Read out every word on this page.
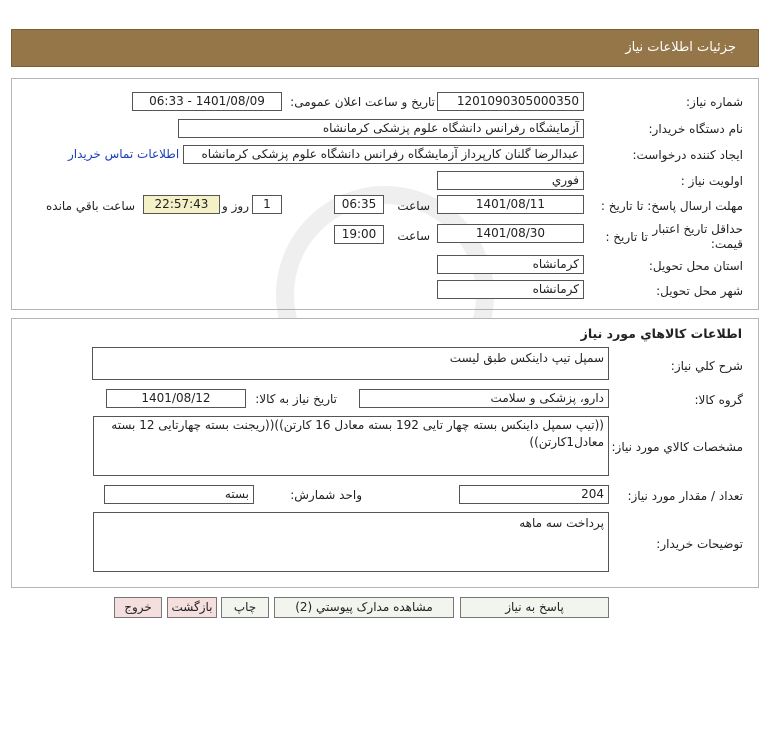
جزئیات اطلاعات نیاز
شماره نیاز:
1201090305000350
تاریخ و ساعت اعلان عمومی:
1401/08/09 - 06:33
نام دستگاه خریدار:
آزمایشگاه رفرانس دانشگاه علوم پزشکی کرمانشاه
ایجاد کننده درخواست:
عبدالرضا گلنان کارپرداز آزمایشگاه رفرانس دانشگاه علوم پزشکی کرمانشاه
اطلاعات تماس خریدار
اولویت نیاز :
فوري
مهلت ارسال پاسخ: تا تاریخ :
1401/08/11
ساعت
06:35
1
روز و
22:57:43
ساعت باقي مانده
حداقل تاریخ اعتبار
قیمت:
تا تاریخ :
1401/08/30
ساعت
19:00
استان محل تحویل:
کرمانشاه
شهر محل تحویل:
کرمانشاه
اطلاعات کالاهاي مورد نياز
شرح کلي نياز:
سمپل تیپ داینکس طبق لیست
گروه کالا:
دارو، پزشکی و سلامت
تاریخ نیاز به کالا:
1401/08/12
مشخصات کالاي مورد نياز:
((تیپ سمپل داینکس بسته چهار تایی 192 بسته معادل 16 کارتن))((ریجنت بسته چهارتایی 12 بسته
معادل1کارتن))
تعداد / مقدار مورد نياز:
204
واحد شمارش:
بسته
توضيحات خريدار:
پرداخت سه ماهه
پاسخ به نياز
مشاهده مدارک پيوستي (2)
چاپ
بازگشت
خروج
